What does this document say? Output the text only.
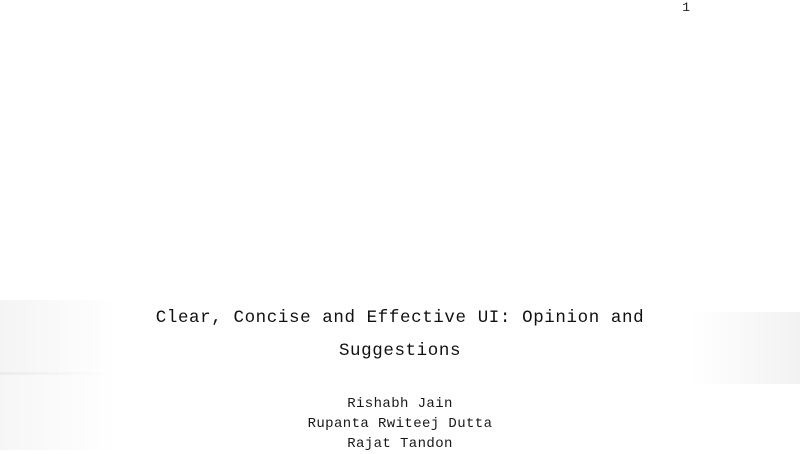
1
Clear, Concise and Effective UI: Opinion and
Suggestions
Rishabh Jain
Rupanta Rwiteej Dutta
Rajat Tandon
